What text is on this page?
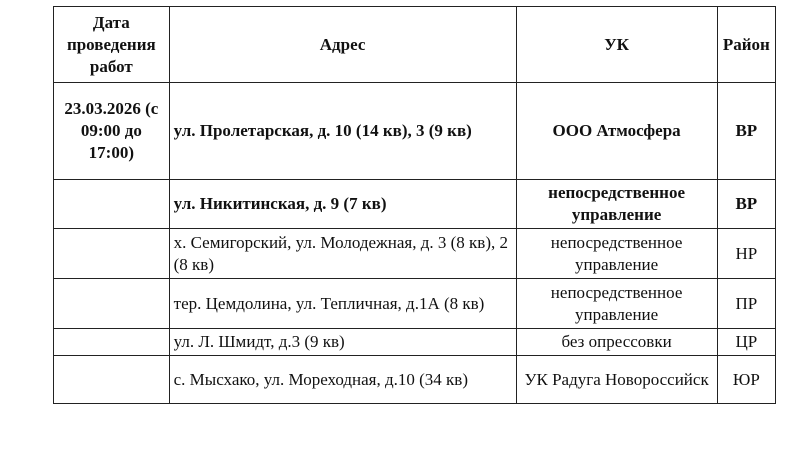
Дата проведения работ	Адрес	УК	Район
23.03.2026 (с 09:00 до 17:00)	ул. Пролетарская, д. 10 (14 кв), 3 (9 кв)	ООО Атмосфера	ВР
	ул. Никитинская, д. 9 (7 кв)	непосредственное управление	ВР
	х. Семигорский, ул. Молодежная, д. 3 (8 кв), 2 (8 кв)	непосредственное управление	НР
	тер. Цемдолина, ул. Тепличная, д.1А (8 кв)	непосредственное управление	ПР
	ул. Л. Шмидт, д.3 (9 кв)	без опрессовки	ЦР
	с. Мысхако, ул. Мореходная, д.10 (34 кв)	УК Радуга Новороссийск	ЮР
